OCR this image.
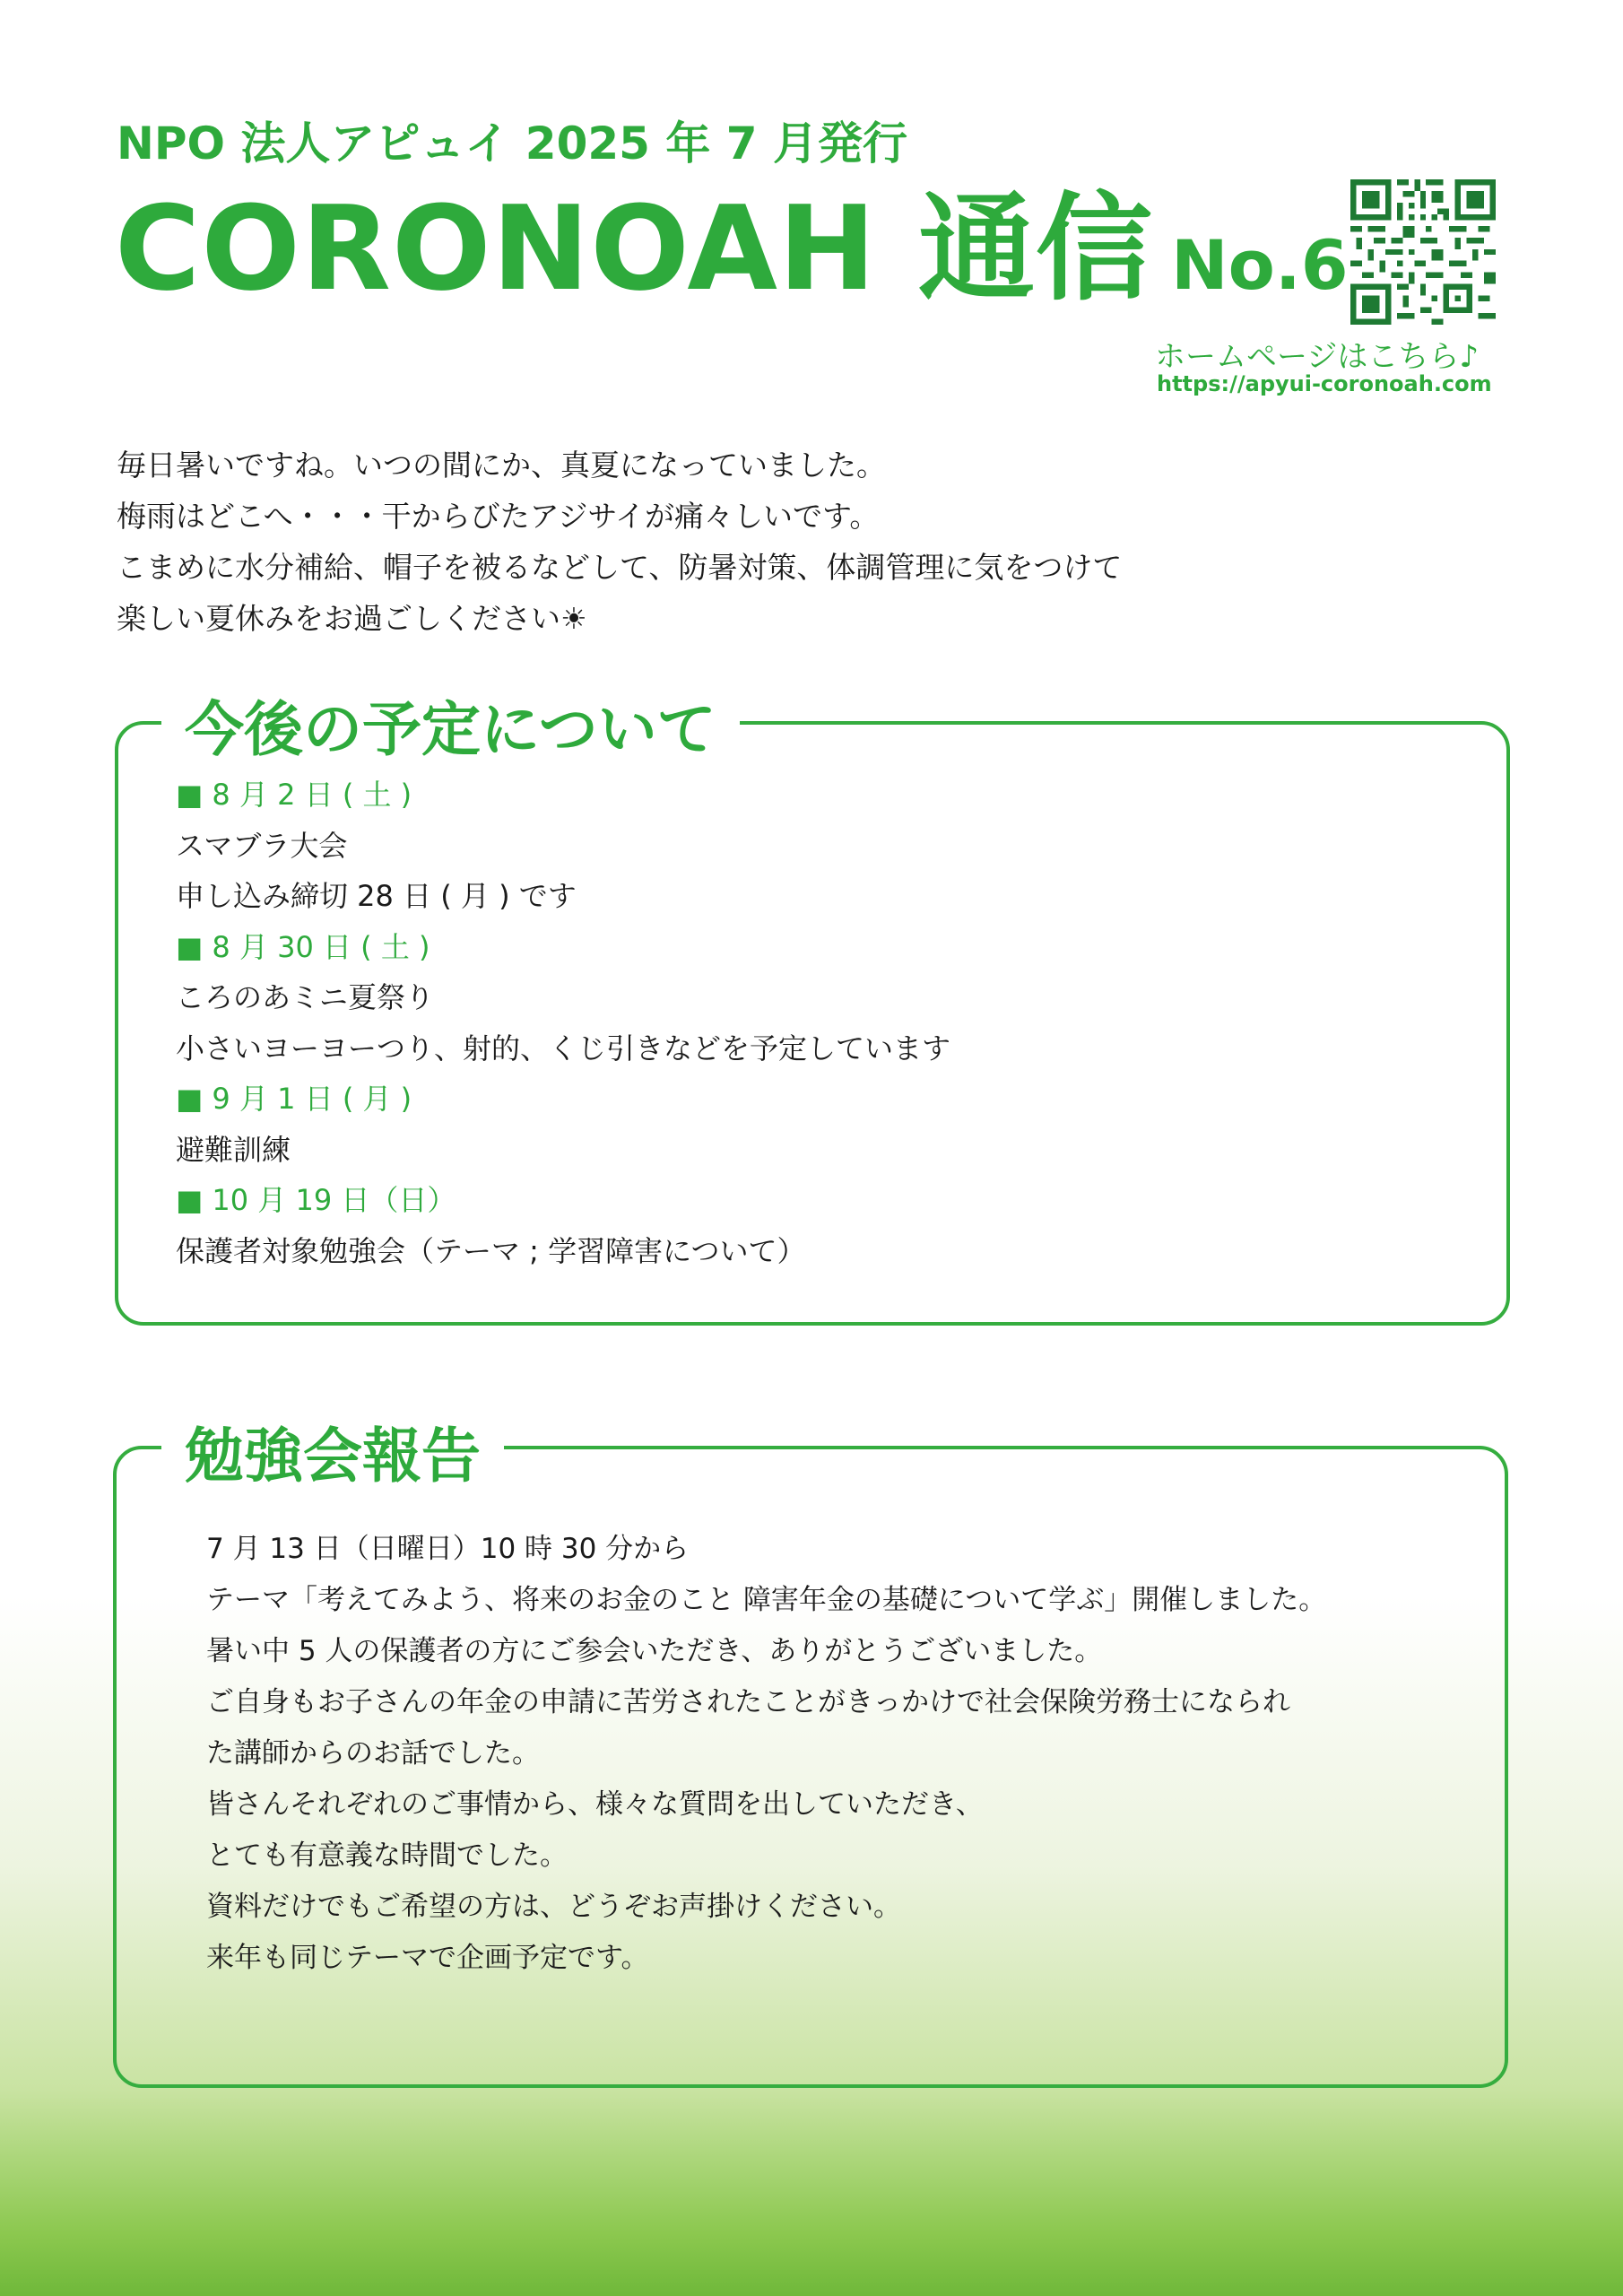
NPO 法人アピュイ 2025 年 7 月発行
CORONOAH 通信 No.6
ホームページはこちら♪
https://apyui-coronoah.com
毎日暑いですね。いつの間にか、真夏になっていました。
梅雨はどこへ・・・干からびたアジサイが痛々しいです。
こまめに水分補給、帽子を被るなどして、防暑対策、体調管理に気をつけて
楽しい夏休みをお過ごしください☀
今後の予定について
■ 8 月 2 日 ( 土 )
スマブラ大会
申し込み締切 28 日 ( 月 ) です
■ 8 月 30 日 ( 土 )
ころのあミニ夏祭り
小さいヨーヨーつり、射的、くじ引きなどを予定しています
■ 9 月 1 日 ( 月 )
避難訓練
■ 10 月 19 日（日）
保護者対象勉強会（テーマ ; 学習障害について）
勉強会報告
7 月 13 日（日曜日）10 時 30 分から
テーマ「考えてみよう、将来のお金のこと 障害年金の基礎について学ぶ」開催しました。
暑い中 5 人の保護者の方にご参会いただき、ありがとうございました。
ご自身もお子さんの年金の申請に苦労されたことがきっかけで社会保険労務士になられ
た講師からのお話でした。
皆さんそれぞれのご事情から、様々な質問を出していただき、
とても有意義な時間でした。
資料だけでもご希望の方は、どうぞお声掛けください。
来年も同じテーマで企画予定です。
